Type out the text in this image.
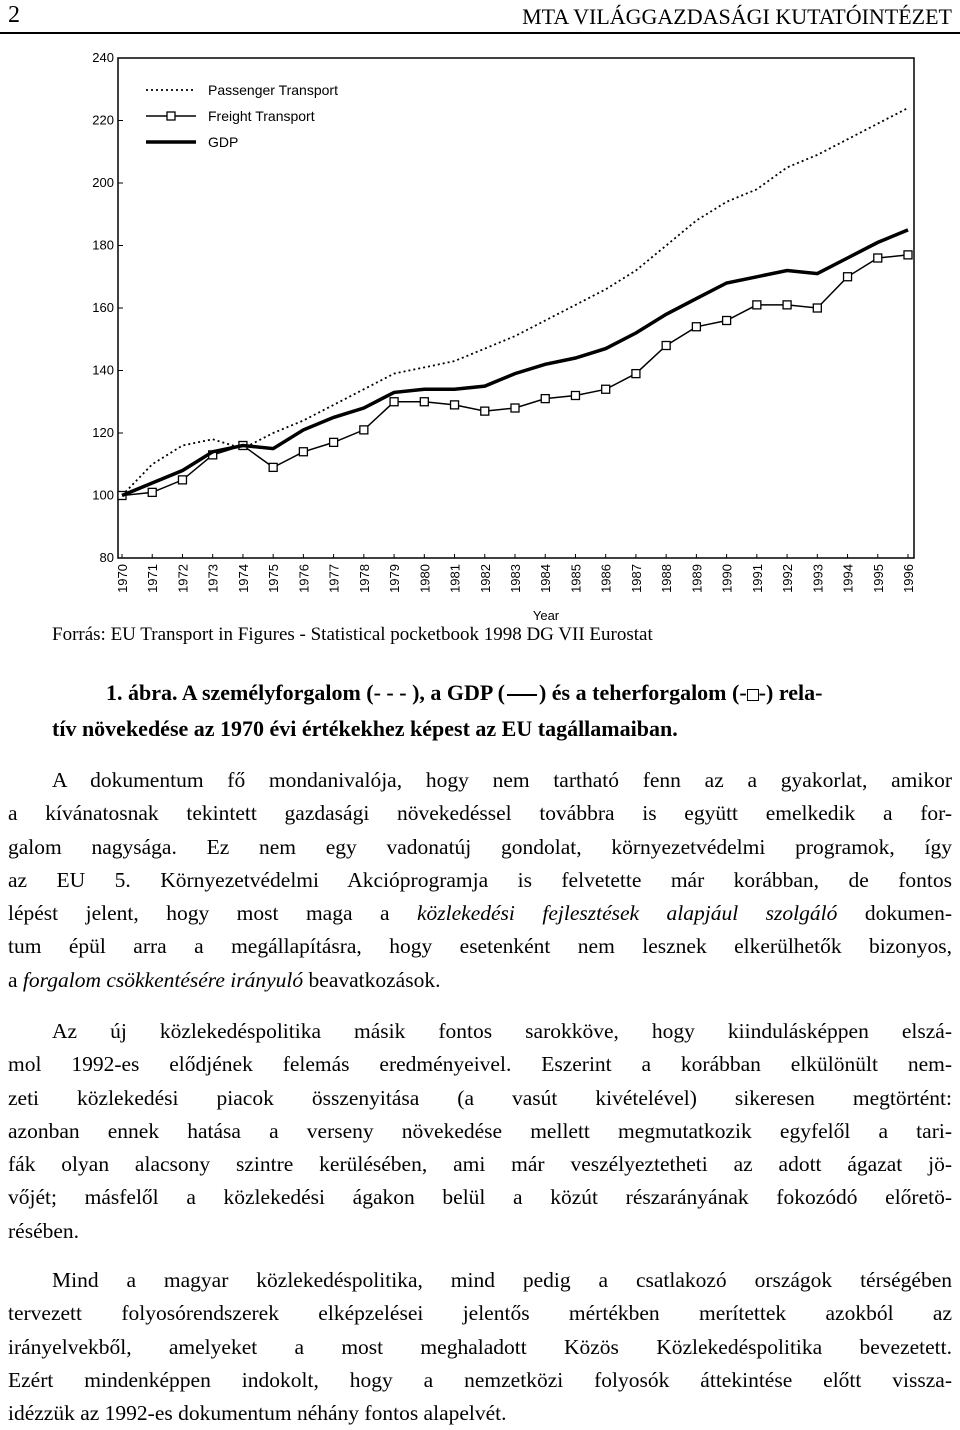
2	MTA VILÁGGAZDASÁGI KUTATÓINTÉZET
80
100
120
140
160
180
200
220
240
1970 1971 1972 1973 1974 1975 1976 1977 1978 1979 1980 1981 1982 1983 1984 1985 1986 1987 1988 1989 1990 1991 1992 1993 1994 1995 1996
Year
Passenger Transport
Freight Transport
GDP
Forrás: EU Transport in Figures - Statistical pocketbook 1998 DG VII Eurostat
1. ábra. A személyforgalom (- - - ), a GDP ( ) és a teherforgalom (- -) rela-
tív növekedése az 1970 évi értékekhez képest az EU tagállamaiban.
A dokumentum fő mondanivalója, hogy nem tartható fenn az a gyakorlat, amikor
a kívánatosnak tekintett gazdasági növekedéssel továbbra is együtt emelkedik a for-
galom nagysága. Ez nem egy vadonatúj gondolat, környezetvédelmi programok, így
az EU 5. Környezetvédelmi Akcióprogramja is felvetette már korábban, de fontos
lépést jelent, hogy most maga a közlekedési fejlesztések alapjául szolgáló dokumen-
tum épül arra a megállapításra, hogy esetenként nem lesznek elkerülhetők bizonyos,
a forgalom csökkentésére irányuló beavatkozások.
Az új közlekedéspolitika másik fontos sarokköve, hogy kiindulásképpen elszá-
mol 1992-es elődjének felemás eredményeivel. Eszerint a korábban elkülönült nem-
zeti közlekedési piacok összenyitása (a vasút kivételével) sikeresen megtörtént:
azonban ennek hatása a verseny növekedése mellett megmutatkozik egyfelől a tari-
fák olyan alacsony szintre kerülésében, ami már veszélyeztetheti az adott ágazat jö-
vőjét; másfelől a közlekedési ágakon belül a közút részarányának fokozódó előretö-
résében.
Mind a magyar közlekedéspolitika, mind pedig a csatlakozó országok térségében
tervezett folyosórendszerek elképzelései jelentős mértékben merítettek azokból az
irányelvekből, amelyeket a most meghaladott Közös Közlekedéspolitika bevezetett.
Ezért mindenképpen indokolt, hogy a nemzetközi folyosók áttekintése előtt vissza-
idézzük az 1992-es dokumentum néhány fontos alapelvét.
